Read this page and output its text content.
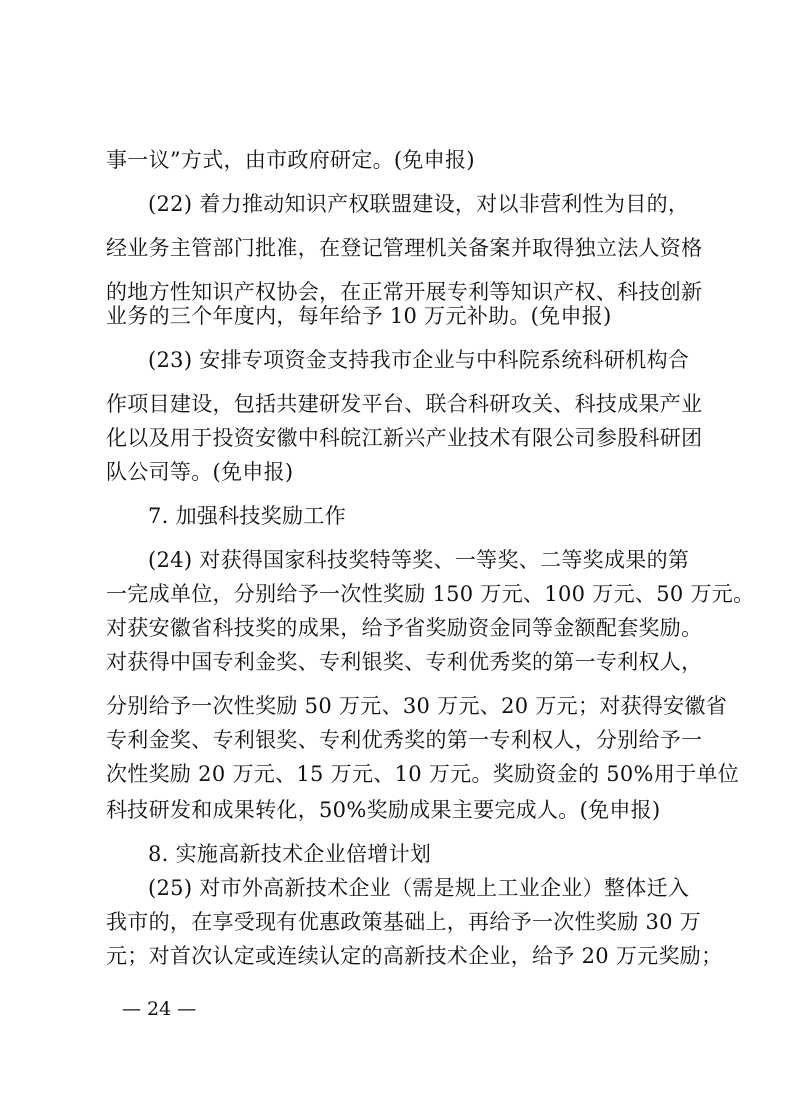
事一议”方式，由市政府研定。(免申报)
(22) 着力推动知识产权联盟建设，对以非营利性为目的，
经业务主管部门批准，在登记管理机关备案并取得独立法人资格
的地方性知识产权协会，在正常开展专利等知识产权、科技创新
业务的三个年度内，每年给予 10 万元补助。(免申报)
(23) 安排专项资金支持我市企业与中科院系统科研机构合
作项目建设，包括共建研发平台、联合科研攻关、科技成果产业
化以及用于投资安徽中科皖江新兴产业技术有限公司参股科研团
队公司等。(免申报)
7. 加强科技奖励工作
(24) 对获得国家科技奖特等奖、一等奖、二等奖成果的第
一完成单位，分别给予一次性奖励 150 万元、100 万元、50 万元。
对获安徽省科技奖的成果，给予省奖励资金同等金额配套奖励。
对获得中国专利金奖、专利银奖、专利优秀奖的第一专利权人，
分别给予一次性奖励 50 万元、30 万元、20 万元；对获得安徽省
专利金奖、专利银奖、专利优秀奖的第一专利权人，分别给予一
次性奖励 20 万元、15 万元、10 万元。奖励资金的 50%用于单位
科技研发和成果转化，50%奖励成果主要完成人。(免申报)
8. 实施高新技术企业倍增计划
(25) 对市外高新技术企业（需是规上工业企业）整体迁入
我市的，在享受现有优惠政策基础上，再给予一次性奖励 30 万
元；对首次认定或连续认定的高新技术企业，给予 20 万元奖励；
— 24 —
